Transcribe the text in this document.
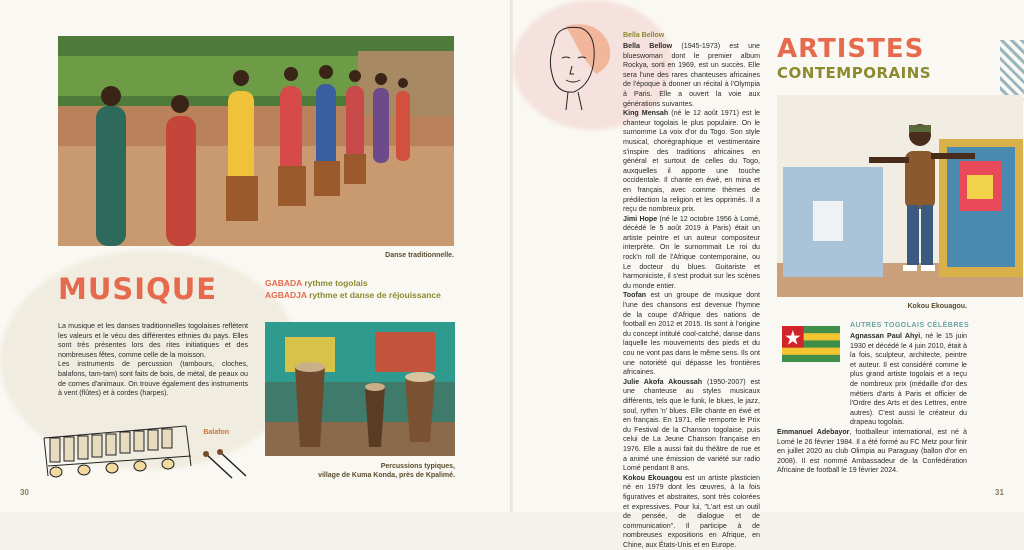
Danse traditionnelle.
MUSIQUE	GABADA rythme togolais
AGBADJA rythme et danse de réjouissance

La musique et les danses traditionnelles togolaises reflètent les valeurs et le vécu des différentes ethnies du pays. Elles sont très présentes lors des rites initiatiques et des nombreuses fêtes, comme celle de la moisson.

Les instruments de percussion (tambours, cloches, balafons, tam-tam) sont faits de bois, de métal, de peaux ou de cornes d'animaux. On trouve également des instruments à vent (flûtes) et à cordes (harpes).

Percussions typiques,
village de Kuma Konda, près de Kpalimé.
Balafon
30
Bella Bellow

Bella Bellow (1945-1973) est une blueswoman dont le premier album Rockya, sorti en 1969, est un succès. Elle sera l'une des rares chanteuses africaines de l'époque à donner un récital à l'Olympia à Paris. Elle a ouvert la voie aux générations suivantes.

King Mensah (né le 12 août 1971) est le chanteur togolais le plus populaire. On le surnomme La voix d'or du Togo. Son style musical, chorégraphique et vestimentaire s'inspire des traditions africaines en général et surtout de celles du Togo, auxquelles il apporte une touche occidentale. Il chante en éwé, en mina et en français, avec comme thèmes de prédilection la religion et les opprimés. Il a reçu de nombreux prix.

Jimi Hope (né le 12 octobre 1956 à Lomé, décédé le 5 août 2019 à Paris) était un artiste peintre et un auteur compositeur interprète. On le surnommait Le roi du rock'n roll de l'Afrique contemporaine, ou Le docteur du blues. Guitariste et harmoniciste, il s'est produit sur les scènes du monde entier.

Toofan est un groupe de musique dont l'une des chansons est devenue l'hymne de la coupe d'Afrique des nations de football en 2012 et 2015. Ils sont à l'origine du concept intitulé cool-catché, danse dans laquelle les mouvements des pieds et du cou ne vont pas dans le même sens. Ils ont une notoriété qui dépasse les frontières africaines.

Julie Akofa Akoussah (1950-2007) est une chanteuse au styles musicaux différents, tels que le funk, le blues, le jazz, soul, rythm 'n' blues. Elle chante en éwé et en français. En 1971, elle remporte le Prix du Festival de la Chanson togolaise, puis celui de La Jeune Chanson française en 1976. Elle a aussi fait du théâtre de rue et a animé une émission de variété sur radio Lomé pendant 8 ans.

Kokou Ekouagou est un artiste plasticien né en 1979 dont les œuvres, à la fois figuratives et abstraites, sont très colorées et expressives. Pour lui, "L'art est un outil de pensée, de dialogue et de communication". Il participe à de nombreuses expositions en Afrique, en Chine, aux États-Unis et en Europe.

ARTISTES
CONTEMPORAINS
Kokou Ekouagou.
AUTRES TOGOLAIS CÉLÈBRES

Agnassan Paul Ahyi, né le 15 juin 1930 et décédé le 4 juin 2010, était à la fois, sculpteur, architecte, peintre et auteur. Il est considéré comme le plus grand artiste togolais et a reçu de nombreux prix (médaille d'or des métiers d'arts à Paris et officier de l'Ordre des Arts et des Lettres, entre autres). C'est aussi le créateur du drapeau togolais.

Emmanuel Adebayor, footballeur international, est né à Lomé le 26 février 1984. Il a été formé au FC Metz pour finir en juillet 2020 au club Olimpia au Paraguay (ballon d'or en 2008). Il est nommé Ambassadeur de la Confédération Africaine de football le 19 février 2024.

31
